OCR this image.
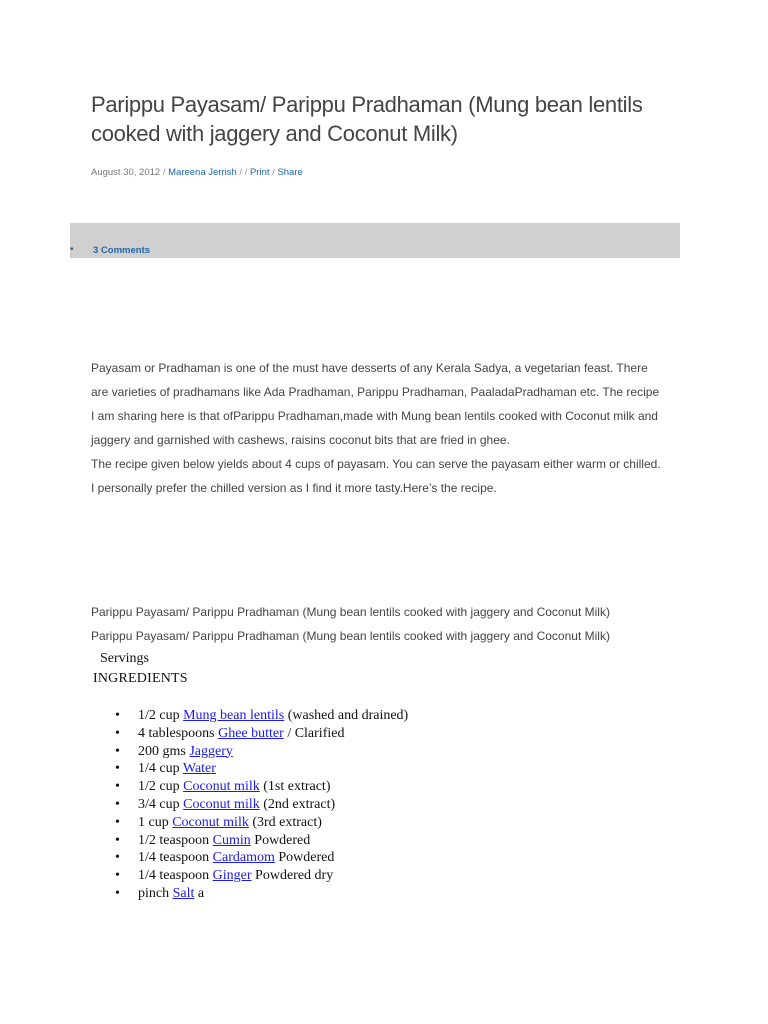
Parippu Payasam/ Parippu Pradhaman (Mung bean lentils cooked with jaggery and Coconut Milk)
August 30, 2012 / Mareena Jerrish / / Print / Share
• 3 Comments

Payasam or Pradhaman is one of the must have desserts of any Kerala Sadya, a vegetarian feast. There are varieties of pradhamans like Ada Pradhaman, Parippu Pradhaman, PaaladaPradhaman etc. The recipe I am sharing here is that ofParippu Pradhaman,made with Mung bean lentils cooked with Coconut milk and jaggery and garnished with cashews, raisins coconut bits that are fried in ghee.

The recipe given below yields about 4 cups of payasam. You can serve the payasam either warm or chilled. I personally prefer the chilled version as I find it more tasty.Here’s the recipe.

Parippu Payasam/ Parippu Pradhaman (Mung bean lentils cooked with jaggery and Coconut Milk)
Parippu Payasam/ Parippu Pradhaman (Mung bean lentils cooked with jaggery and Coconut Milk)
Servings
INGREDIENTS
• 1/2 cup Mung bean lentils (washed and drained)
• 4 tablespoons Ghee butter / Clarified
• 200 gms Jaggery
• 1/4 cup Water
• 1/2 cup Coconut milk (1st extract)
• 3/4 cup Coconut milk (2nd extract)
• 1 cup Coconut milk (3rd extract)
• 1/2 teaspoon Cumin Powdered
• 1/4 teaspoon Cardamom Powdered
• 1/4 teaspoon Ginger Powdered dry
• pinch Salt a
